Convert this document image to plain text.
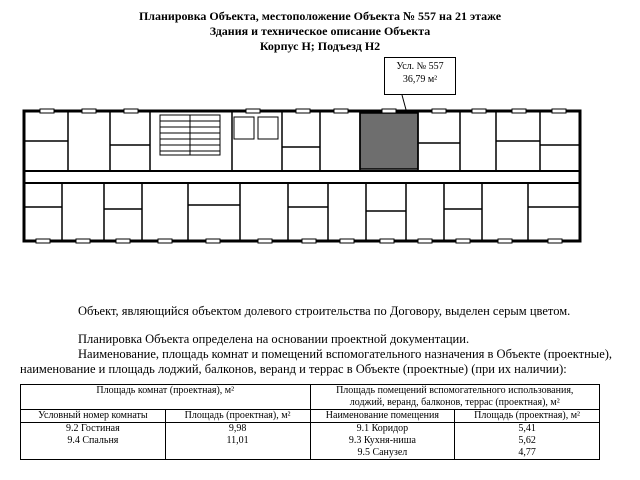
Планировка Объекта, местоположение Объекта № 557 на 21 этаже
Здания и техническое описание Объекта
Корпус Н; Подъезд Н2
Усл. № 557
36,79 м²
Объект, являющийся объектом долевого строительства по Договору, выделен серым цветом.
Планировка Объекта определена на основании проектной документации.
Наименование, площадь комнат и помещений вспомогательного назначения в Объекте (проектные),
наименование и площадь лоджий, балконов, веранд и террас в Объекте (проектные) (при их наличии):
Площадь комнат (проектная), м²		Площадь помещений вспомогательного использования,
лоджий, веранд, балконов, террас (проектная), м²	

Условный номер комнаты	Площадь (проектная), м²	Наименование помещения	Площадь (проектная), м²
9.2 Гостиная	9,98	9.1 Коридор	5,41
9.4 Спальня	11,01	9.3 Кухня-ниша	5,62
		9.5 Санузел	4,77
